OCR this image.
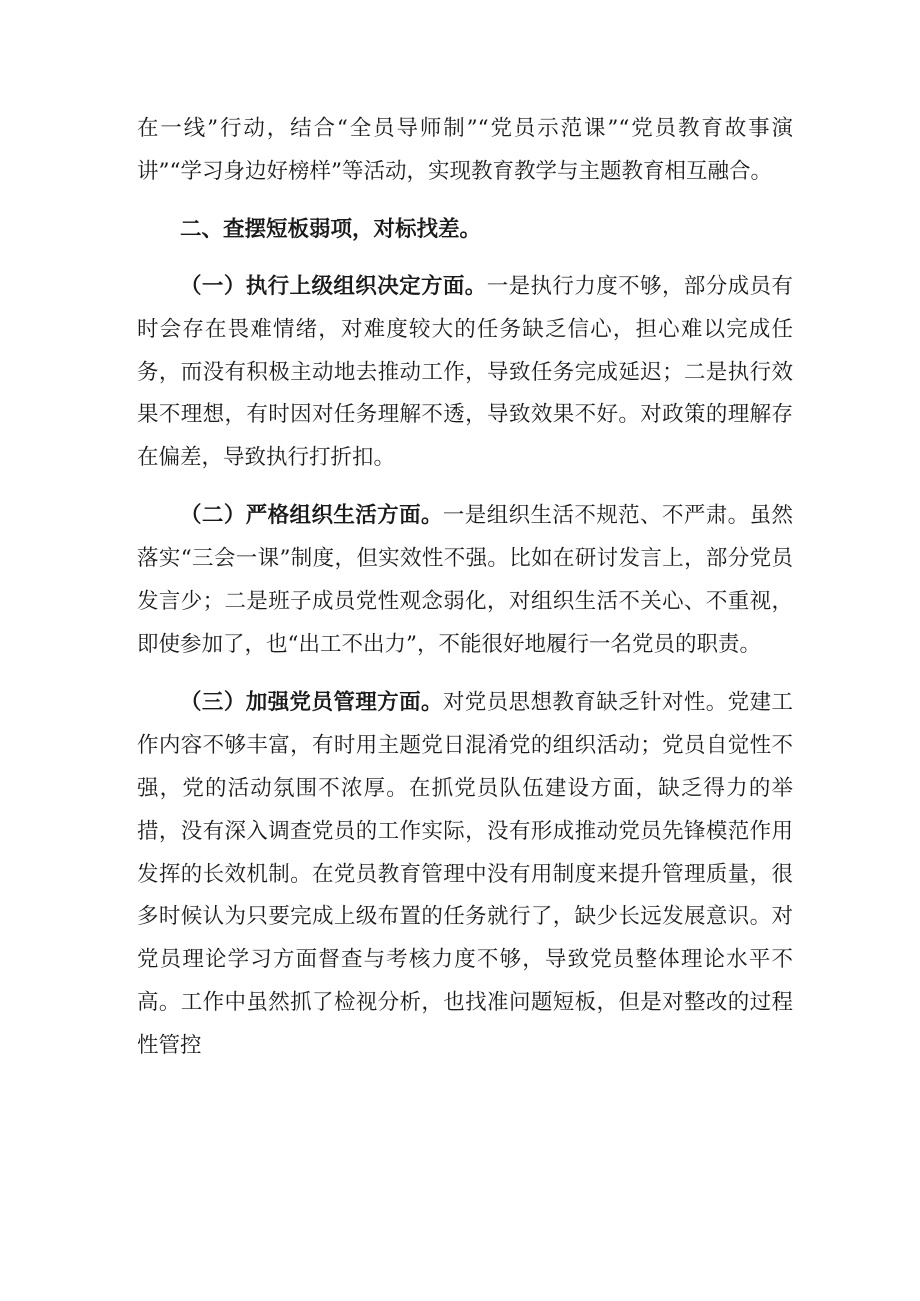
在一线”行动，结合“全员导师制”“党员示范课”“党员教育故事演讲”“学习身边好榜样”等活动，实现教育教学与主题教育相互融合。

二、查摆短板弱项，对标找差。

（一）执行上级组织决定方面。一是执行力度不够，部分成员有时会存在畏难情绪，对难度较大的任务缺乏信心，担心难以完成任务，而没有积极主动地去推动工作，导致任务完成延迟；二是执行效果不理想，有时因对任务理解不透，导致效果不好。对政策的理解存在偏差，导致执行打折扣。

（二）严格组织生活方面。一是组织生活不规范、不严肃。虽然落实“三会一课”制度，但实效性不强。比如在研讨发言上，部分党员发言少；二是班子成员党性观念弱化，对组织生活不关心、不重视，即使参加了，也“出工不出力”，不能很好地履行一名党员的职责。

（三）加强党员管理方面。对党员思想教育缺乏针对性。党建工作内容不够丰富，有时用主题党日混淆党的组织活动；党员自觉性不强，党的活动氛围不浓厚。在抓党员队伍建设方面，缺乏得力的举措，没有深入调查党员的工作实际，没有形成推动党员先锋模范作用发挥的长效机制。在党员教育管理中没有用制度来提升管理质量，很多时候认为只要完成上级布置的任务就行了，缺少长远发展意识。对党员理论学习方面督查与考核力度不够，导致党员整体理论水平不高。工作中虽然抓了检视分析，也找准问题短板，但是对整改的过程性管控
